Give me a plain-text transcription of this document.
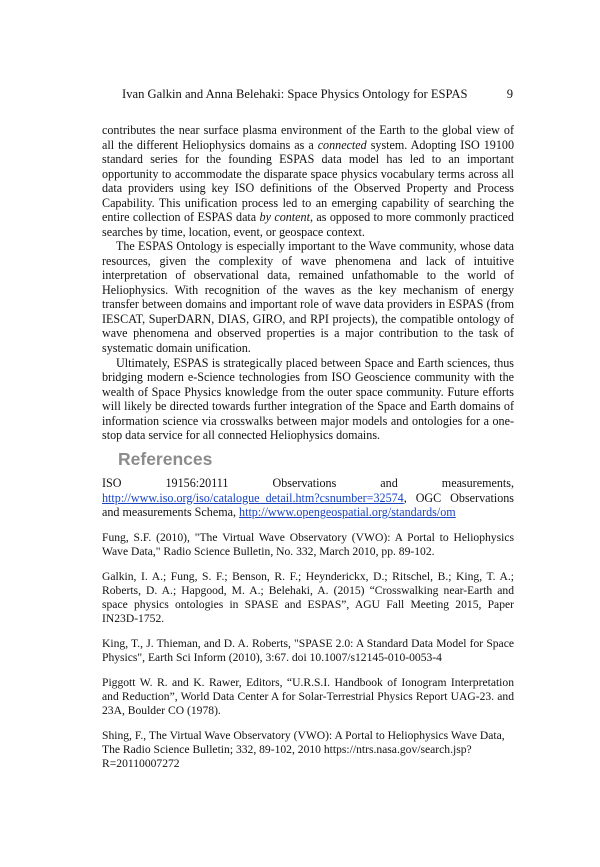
Ivan Galkin and Anna Belehaki: Space Physics Ontology for ESPAS	9

contributes the near surface plasma environment of the Earth to the global view of all the different Heliophysics domains as a connected system. Adopting ISO 19100 standard series for the founding ESPAS data model has led to an important opportunity to accommodate the disparate space physics vocabulary terms across all data providers using key ISO definitions of the Observed Property and Process Capability. This unification process led to an emerging capability of searching the entire collection of ESPAS data by content, as opposed to more commonly practiced searches by time, location, event, or geospace context.

The ESPAS Ontology is especially important to the Wave community, whose data resources, given the complexity of wave phenomena and lack of intuitive interpretation of observational data, remained unfathomable to the world of Heliophysics. With recognition of the waves as the key mechanism of energy transfer between domains and important role of wave data providers in ESPAS (from IESCAT, SuperDARN, DIAS, GIRO, and RPI projects), the compatible ontology of wave phenomena and observed properties is a major contribution to the task of systematic domain unification.

Ultimately, ESPAS is strategically placed between Space and Earth sciences, thus bridging modern e-Science technologies from ISO Geoscience community with the wealth of Space Physics knowledge from the outer space community. Future efforts will likely be directed towards further integration of the Space and Earth domains of information science via crosswalks between major models and ontologies for a one-stop data service for all connected Heliophysics domains.

References

ISO 19156:20111 Observations and measurements, http://www.iso.org/iso/catalogue_detail.htm?csnumber=32574, OGC Observations and measurements Schema, http://www.opengeospatial.org/standards/om

Fung, S.F. (2010), "The Virtual Wave Observatory (VWO): A Portal to Heliophysics Wave Data," Radio Science Bulletin, No. 332, March 2010, pp. 89-102.

Galkin, I. A.; Fung, S. F.; Benson, R. F.; Heynderickx, D.; Ritschel, B.; King, T. A.; Roberts, D. A.; Hapgood, M. A.; Belehaki, A. (2015) “Crosswalking near-Earth and space physics ontologies in SPASE and ESPAS”, AGU Fall Meeting 2015, Paper IN23D-1752.

King, T., J. Thieman, and D. A. Roberts, "SPASE 2.0: A Standard Data Model for Space Physics", Earth Sci Inform (2010), 3:67. doi 10.1007/s12145-010-0053-4

Piggott W. R. and K. Rawer, Editors, “U.R.S.I. Handbook of Ionogram Interpretation and Reduction”, World Data Center A for Solar-Terrestrial Physics Report UAG-23. and 23A, Boulder CO (1978).

Shing, F., The Virtual Wave Observatory (VWO): A Portal to Heliophysics Wave Data, The Radio Science Bulletin; 332, 89-102, 2010 https://ntrs.nasa.gov/search.jsp?R=20110007272
